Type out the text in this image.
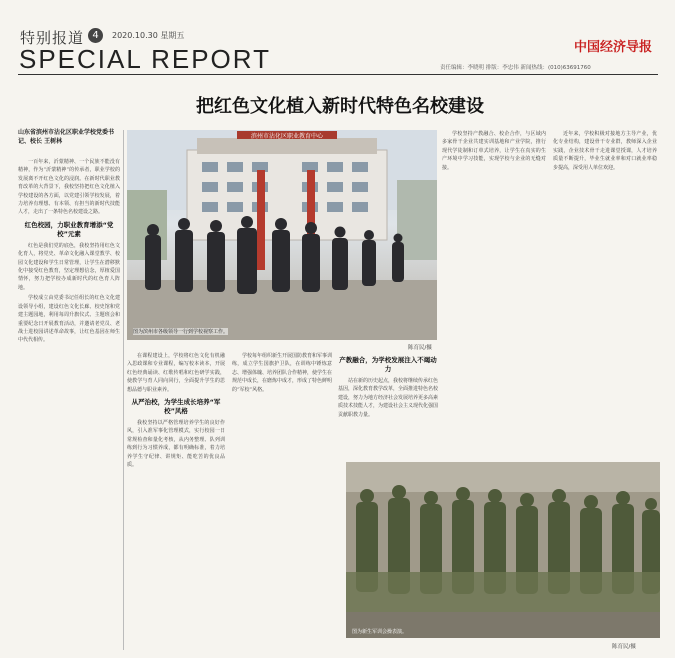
特别报道 4	2020.10.30 星期五
SPECIAL REPORT	中国经济导报
责任编辑：李晓明 排版：李忠伟 新闻热线：(010)63691760
把红色文化植入新时代特色名校建设
山东省滨州市沾化区职业学校党委书记、校长 王树林
滨州市沾化区职业教育中心
图为滨州市各级领导一行到学校视察工作。
陈育民/摄
图为新生军训会操表演。
陈育民/摄

一百年来，沂蒙精神、一个民族不能没有精神，作为“沂蒙精神”的传承者，职业学校的发展离不开红色文化的浸润。在新时代职业教育改革的大背景下，我校坚持把红色文化植入学校建设的各方面，以党建引领学校发展，着力培养有理想、有本领、有担当的新时代技能人才，走出了一条特色名校建设之路。

红色校园，力职业教育增添“党校”元素

红色是我们党的底色，我校坚持用红色文化育人，将党史、革命文化融入课堂教学、校园文化建设和学生日常管理，让学生在潜移默化中接受红色教育，坚定理想信念，厚植爱国情怀，努力把学校办成新时代的红色育人阵地。

学校成立由党委书记任组长的红色文化建设领导小组，建设红色文化长廊、校史馆和党建主题园地，利用每周升旗仪式、主题班会和重要纪念日开展教育活动，并邀请老党员、老战士进校园讲述革命故事，让红色基因在师生中代代相传。

在课程建设上，学校将红色文化有机融入思政课和专业课程，编写校本读本，开展红色经典诵读、红歌传唱和红色研学实践，使教学与育人同向同行，全面提升学生的思想品德与职业素养。

从严治校，为学生成长培养“军校”风格

我校坚持以严格管理培养学生的良好作风，引入准军事化管理模式，实行校园一日常规检查和量化考核，从内务整理、队列训练到行为习惯养成，都有明确标准，着力培养学生守纪律、讲规矩、能吃苦的优良品质。

学校每年组织新生开展国防教育和军事训练，成立学生国旗护卫队，在训练中锤炼意志、增强体魄、培养团队合作精神，使学生在规范中成长，在磨炼中成才，形成了特色鲜明的“军校”风格。

学校坚持产教融合、校企合作，与区域内多家骨干企业共建实训基地和产业学院，推行现代学徒制和订单式培养，让学生在真实的生产环境中学习技能，实现学校与企业的无缝对接。

近年来，学校积极对接地方主导产业，优化专业结构，建设骨干专业群，教师深入企业实践，企业技术骨干走进课堂授课，人才培养质量不断提升，毕业生就业率和对口就业率稳步提高，深受用人单位欢迎。

产教融合，为学校发展注入不竭动力

站在新的历史起点，我校将继续传承红色基因，深化教育教学改革，全面推进特色名校建设，努力为地方经济社会发展培养更多高素质技术技能人才，为建设社会主义现代化强国贡献职教力量。
